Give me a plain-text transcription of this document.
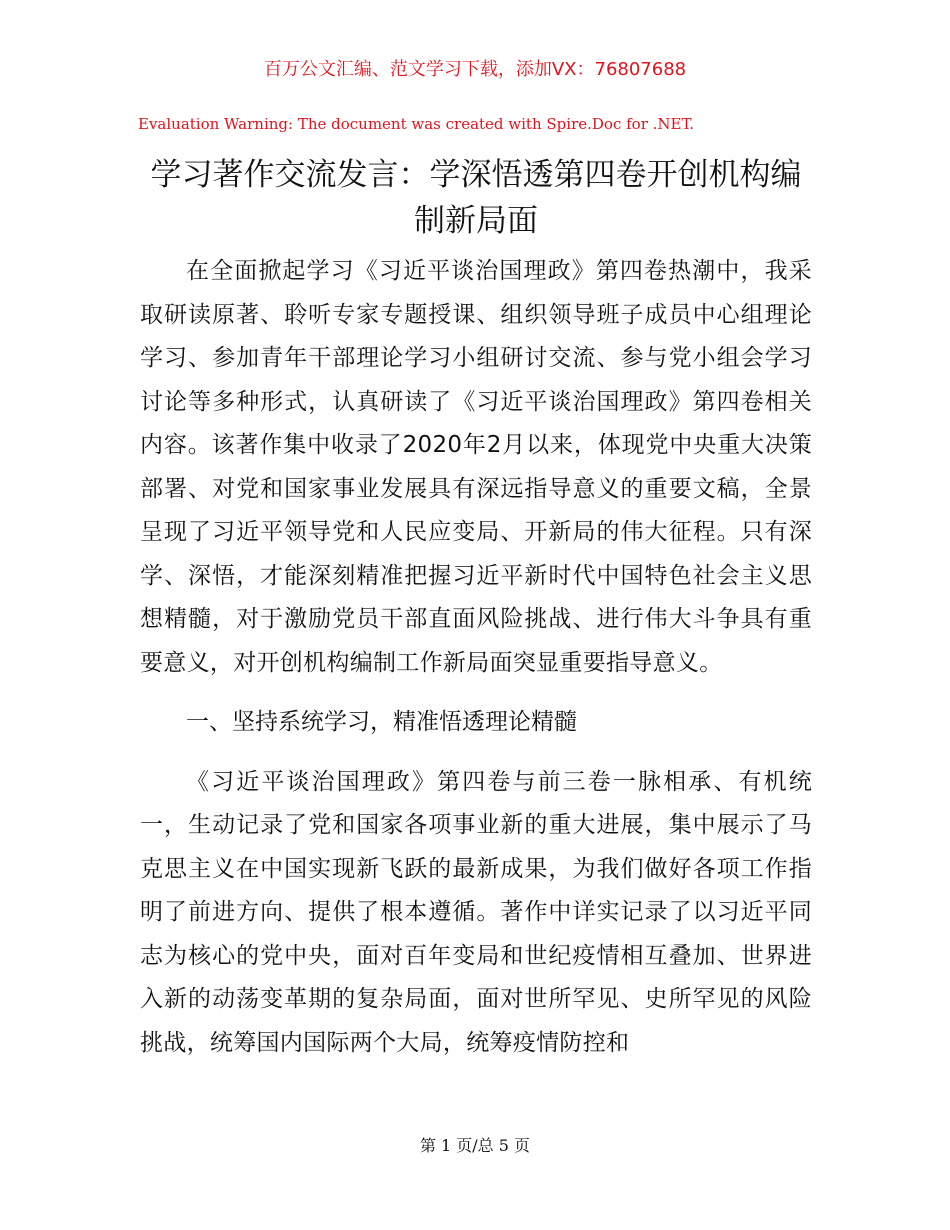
百万公文汇编、范文学习下载，添加VX：76807688
Evaluation Warning: The document was created with Spire.Doc for .NET.
学习著作交流发言：学深悟透第四卷开创机构编制新局面

在全面掀起学习《习近平谈治国理政》第四卷热潮中，我采取研读原著、聆听专家专题授课、组织领导班子成员中心组理论学习、参加青年干部理论学习小组研讨交流、参与党小组会学习讨论等多种形式，认真研读了《习近平谈治国理政》第四卷相关内容。该著作集中收录了2020年2月以来，体现党中央重大决策部署、对党和国家事业发展具有深远指导意义的重要文稿，全景呈现了习近平领导党和人民应变局、开新局的伟大征程。只有深学、深悟，才能深刻精准把握习近平新时代中国特色社会主义思想精髓，对于激励党员干部直面风险挑战、进行伟大斗争具有重要意义，对开创机构编制工作新局面突显重要指导意义。

一、坚持系统学习，精准悟透理论精髓

《习近平谈治国理政》第四卷与前三卷一脉相承、有机统一，生动记录了党和国家各项事业新的重大进展，集中展示了马克思主义在中国实现新飞跃的最新成果，为我们做好各项工作指明了前进方向、提供了根本遵循。著作中详实记录了以习近平同志为核心的党中央，面对百年变局和世纪疫情相互叠加、世界进入新的动荡变革期的复杂局面，面对世所罕见、史所罕见的风险挑战，统筹国内国际两个大局，统筹疫情防控和

第 1 页/总 5 页
